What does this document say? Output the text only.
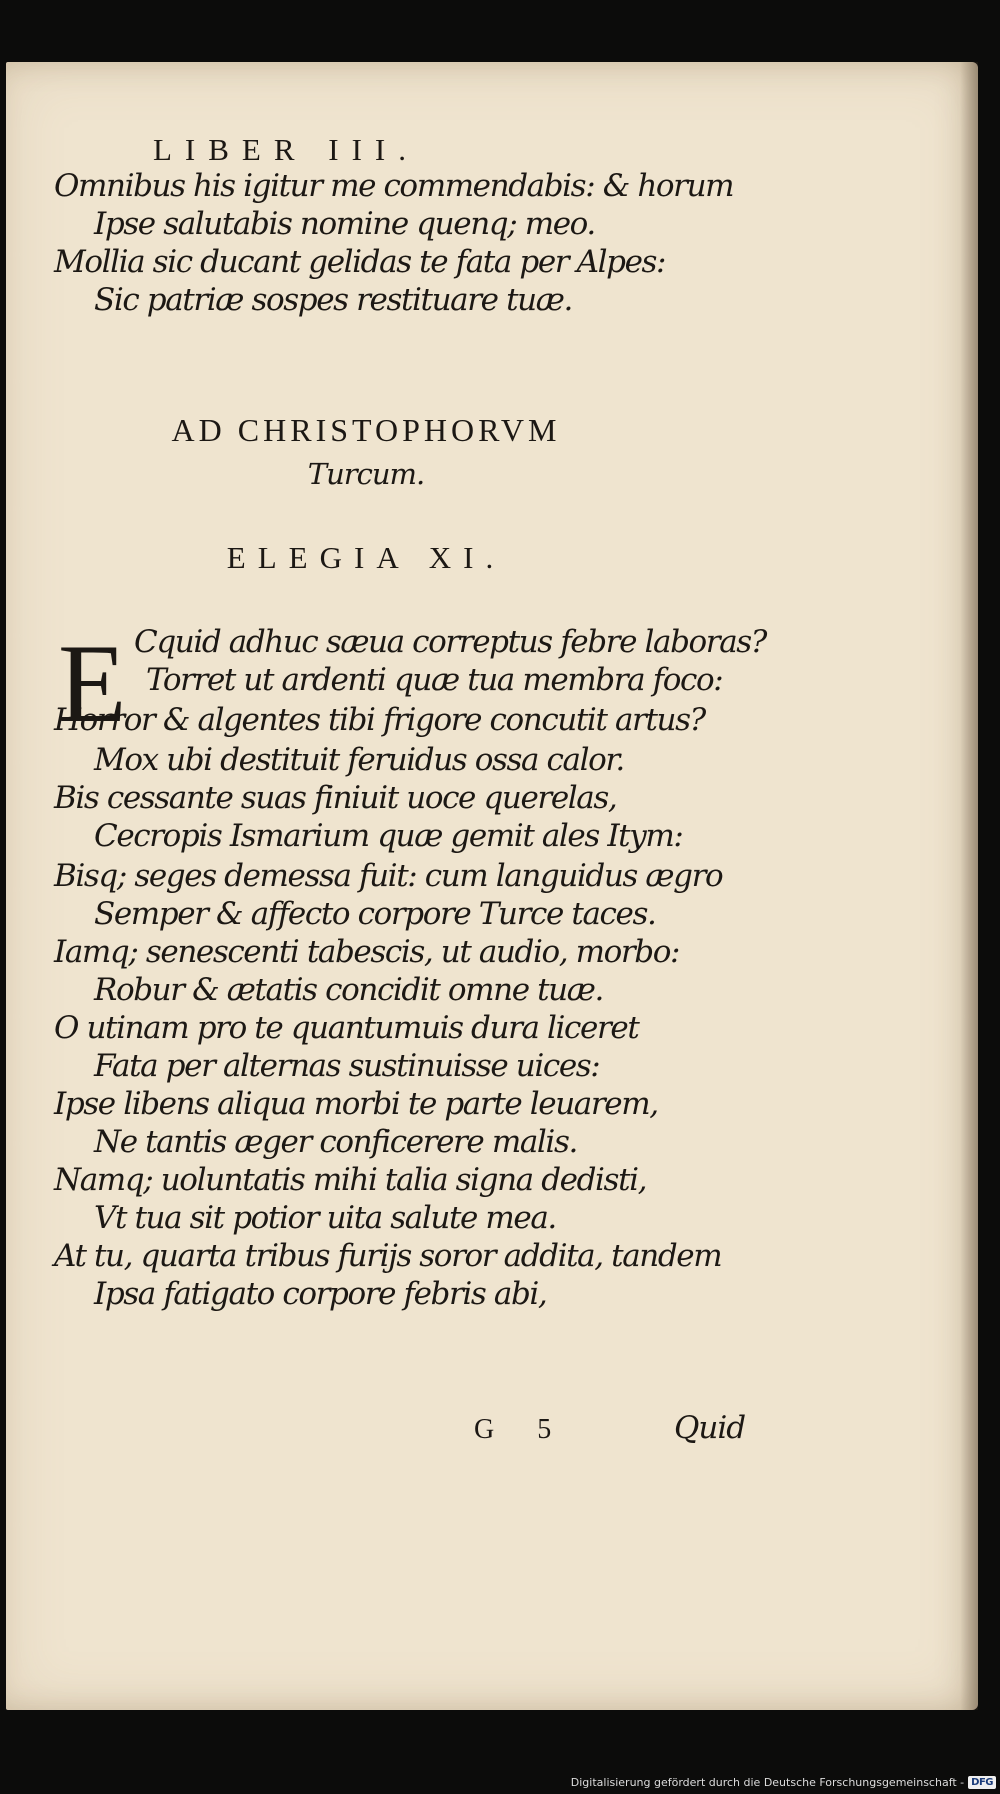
LIBER III.
Omnibus his igitur me commendabis: & horum
Ipse salutabis nomine quenq; meo.
Mollia sic ducant gelidas te fata per Alpes:
Sic patriæ sospes restituare tuæ.
AD CHRISTOPHORVM
Turcum.
ELEGIA XI.
E Cquid adhuc sæua correptus febre laboras?
Torret ut ardenti quæ tua membra foco:
Horror & algentes tibi frigore concutit artus?
Mox ubi destituit feruidus ossa calor.
Bis cessante suas finiuit uoce querelas,
Cecropis Ismarium quæ gemit ales Itym:
Bisq; seges demessa fuit: cum languidus ægro
Semper & affecto corpore Turce taces.
Iamq; senescenti tabescis, ut audio, morbo:
Robur & ætatis concidit omne tuæ.
O utinam pro te quantumuis dura liceret
Fata per alternas sustinuisse uices:
Ipse libens aliqua morbi te parte leuarem,
Ne tantis æger conficerere malis.
Namq; uoluntatis mihi talia signa dedisti,
Vt tua sit potior uita salute mea.
At tu, quarta tribus furijs soror addita, tandem
Ipsa fatigato corpore febris abi,
G 5	Quid
Digitalisierung gefördert durch die Deutsche Forschungsgemeinschaft - DFG
